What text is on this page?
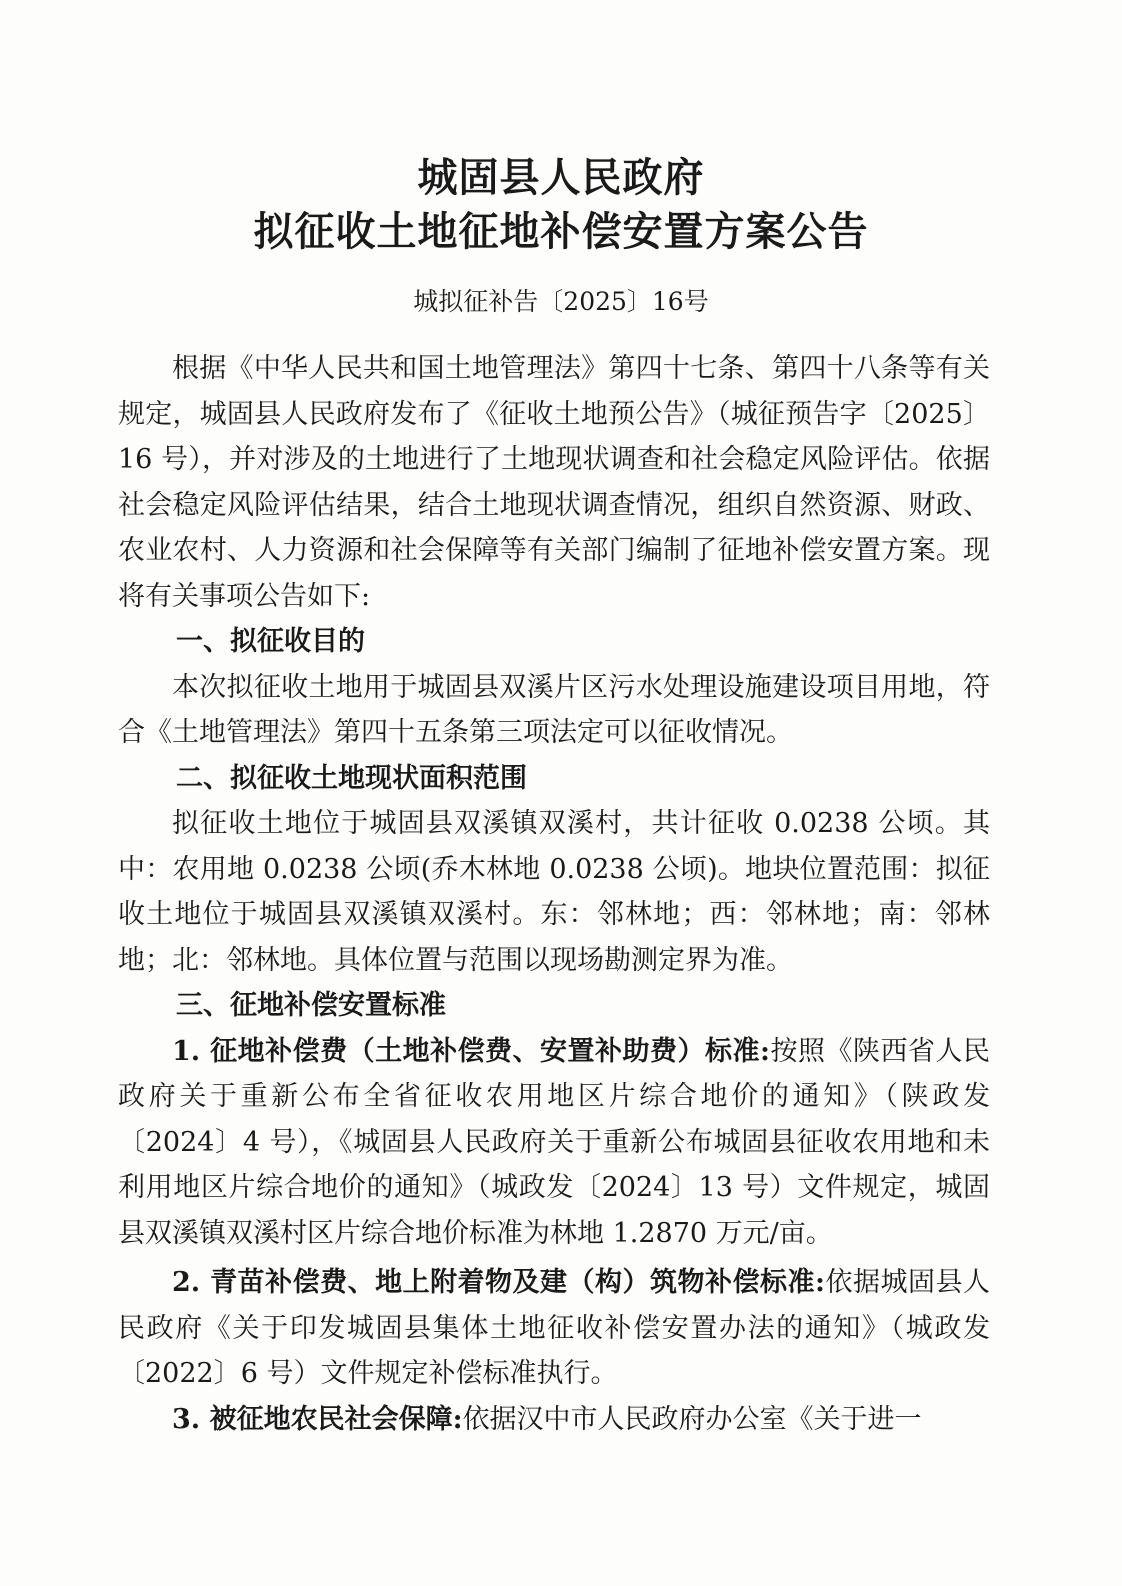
城固县人民政府
拟征收土地征地补偿安置方案公告
城拟征补告〔2025〕16号

根据《中华人民共和国土地管理法》第四十七条、第四十八条等有关规定，城固县人民政府发布了《征收土地预公告》（城征预告字〔2025〕16 号），并对涉及的土地进行了土地现状调查和社会稳定风险评估。依据社会稳定风险评估结果，结合土地现状调查情况，组织自然资源、财政、农业农村、人力资源和社会保障等有关部门编制了征地补偿安置方案。现将有关事项公告如下:

一、拟征收目的

本次拟征收土地用于城固县双溪片区污水处理设施建设项目用地，符合《土地管理法》第四十五条第三项法定可以征收情况。

二、拟征收土地现状面积范围

拟征收土地位于城固县双溪镇双溪村，共计征收 0.0238 公顷。其中：农用地 0.0238 公顷(乔木林地 0.0238 公顷)。地块位置范围：拟征收土地位于城固县双溪镇双溪村。东：邻林地；西：邻林地；南：邻林地；北：邻林地。具体位置与范围以现场勘测定界为准。

三、征地补偿安置标准

1. 征地补偿费（土地补偿费、安置补助费）标准:按照《陕西省人民政府关于重新公布全省征收农用地区片综合地价的通知》（陕政发〔2024〕4 号），《城固县人民政府关于重新公布城固县征收农用地和未利用地区片综合地价的通知》（城政发〔2024〕13 号）文件规定，城固县双溪镇双溪村区片综合地价标准为林地 1.2870 万元/亩。

2. 青苗补偿费、地上附着物及建（构）筑物补偿标准:依据城固县人民政府《关于印发城固县集体土地征收补偿安置办法的通知》（城政发〔2022〕6 号）文件规定补偿标准执行。

3. 被征地农民社会保障:依据汉中市人民政府办公室《关于进一
